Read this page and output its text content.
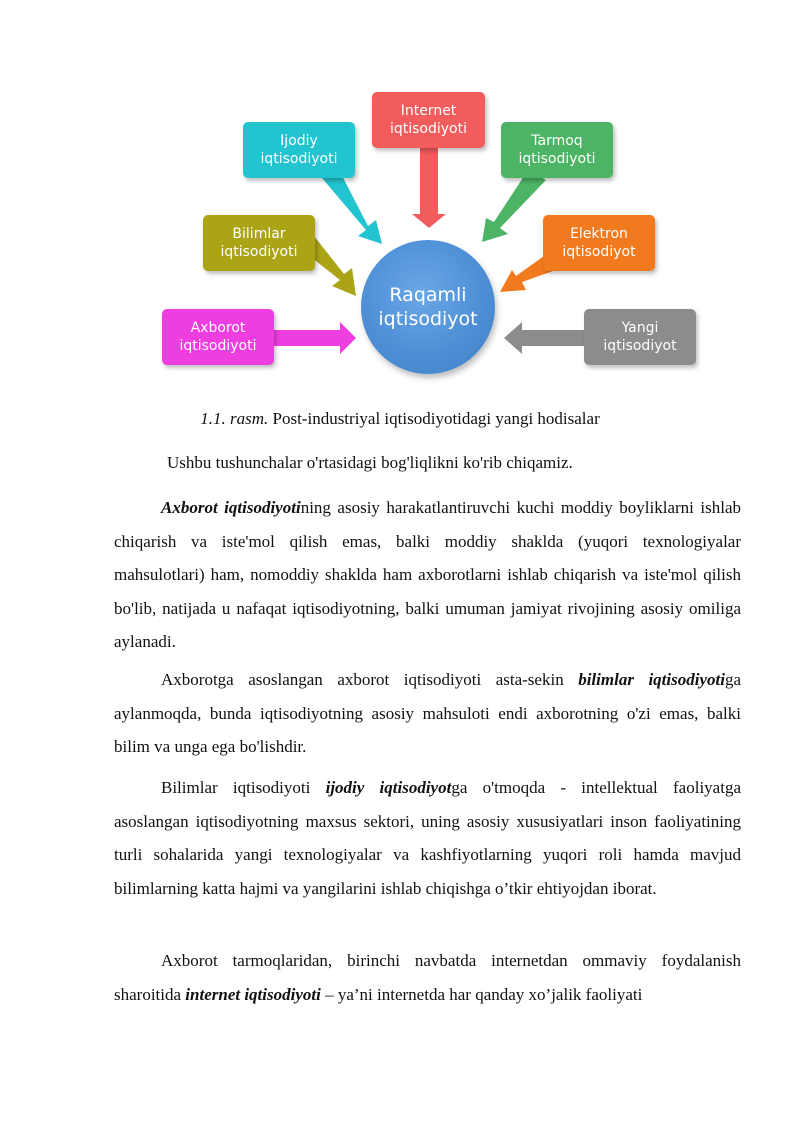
Internet
iqtisodiyoti
Ijodiy
iqtisodiyoti
Tarmoq
iqtisodiyoti
Bilimlar
iqtisodiyoti
Elektron
iqtisodiyot
Axborot
iqtisodiyoti
Yangi
iqtisodiyot
Raqamli
iqtisodiyot
1.1. rasm. Post-industriyal iqtisodiyotidagi yangi hodisalar
Ushbu tushunchalar o'rtasidagi bog'liqlikni ko'rib chiqamiz.
Axborot iqtisodiyotining asosiy harakatlantiruvchi kuchi moddiy boyliklarni ishlab chiqarish va iste'mol qilish emas, balki moddiy shaklda (yuqori texnologiyalar mahsulotlari) ham, nomoddiy shaklda ham axborotlarni ishlab chiqarish va iste'mol qilish bo'lib, natijada u nafaqat iqtisodiyotning, balki umuman jamiyat rivojining asosiy omiliga aylanadi.
Axborotga asoslangan axborot iqtisodiyoti asta-sekin bilimlar iqtisodiyotiga aylanmoqda, bunda iqtisodiyotning asosiy mahsuloti endi axborotning o'zi emas, balki bilim va unga ega bo'lishdir.
Bilimlar iqtisodiyoti ijodiy iqtisodiyotga o'tmoqda - intellektual faoliyatga asoslangan iqtisodiyotning maxsus sektori, uning asosiy xususiyatlari inson faoliyatining turli sohalarida yangi texnologiyalar va kashfiyotlarning yuqori roli hamda mavjud bilimlarning katta hajmi va yangilarini ishlab chiqishga o’tkir ehtiyojdan iborat.
Axborot tarmoqlaridan, birinchi navbatda internetdan ommaviy foydalanish sharoitida internet iqtisodiyoti – ya’ni internetda har qanday xo’jalik faoliyati
